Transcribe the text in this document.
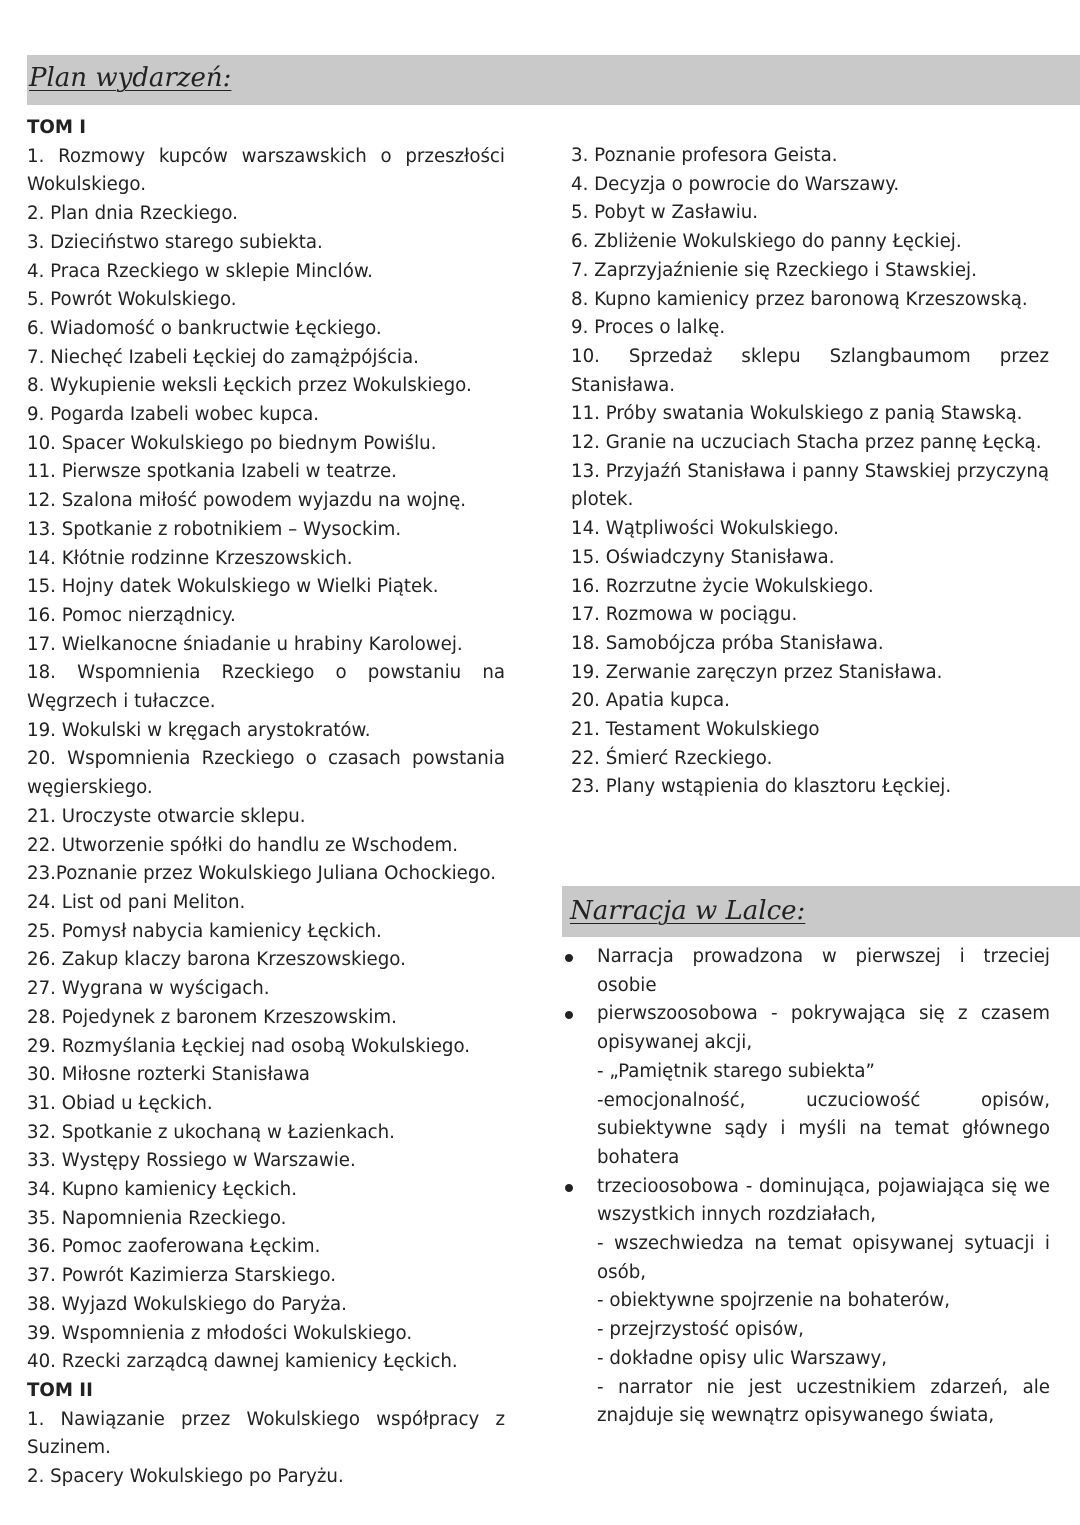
Plan wydarzeń:
TOM I
1. Rozmowy kupców warszawskich o przeszłości Wokulskiego.
2. Plan dnia Rzeckiego.
3. Dzieciństwo starego subiekta.
4. Praca Rzeckiego w sklepie Minclów.
5. Powrót Wokulskiego.
6. Wiadomość o bankructwie Łęckiego.
7. Niechęć Izabeli Łęckiej do zamążpójścia.
8. Wykupienie weksli Łęckich przez Wokulskiego.
9. Pogarda Izabeli wobec kupca.
10. Spacer Wokulskiego po biednym Powiślu.
11. Pierwsze spotkania Izabeli w teatrze.
12. Szalona miłość powodem wyjazdu na wojnę.
13. Spotkanie z robotnikiem – Wysockim.
14. Kłótnie rodzinne Krzeszowskich.
15. Hojny datek Wokulskiego w Wielki Piątek.
16. Pomoc nierządnicy.
17. Wielkanocne śniadanie u hrabiny Karolowej.
18. Wspomnienia Rzeckiego o powstaniu na Węgrzech i tułaczce.
19. Wokulski w kręgach arystokratów.
20. Wspomnienia Rzeckiego o czasach powstania węgierskiego.
21. Uroczyste otwarcie sklepu.
22. Utworzenie spółki do handlu ze Wschodem.
23.Poznanie przez Wokulskiego Juliana Ochockiego.
24. List od pani Meliton.
25. Pomysł nabycia kamienicy Łęckich.
26. Zakup klaczy barona Krzeszowskiego.
27. Wygrana w wyścigach.
28. Pojedynek z baronem Krzeszowskim.
29. Rozmyślania Łęckiej nad osobą Wokulskiego.
30. Miłosne rozterki Stanisława
31. Obiad u Łęckich.
32. Spotkanie z ukochaną w Łazienkach.
33. Występy Rossiego w Warszawie.
34. Kupno kamienicy Łęckich.
35. Napomnienia Rzeckiego.
36. Pomoc zaoferowana Łęckim.
37. Powrót Kazimierza Starskiego.
38. Wyjazd Wokulskiego do Paryża.
39. Wspomnienia z młodości Wokulskiego.
40. Rzecki zarządcą dawnej kamienicy Łęckich.
TOM II
1. Nawiązanie przez Wokulskiego współpracy z Suzinem.
2. Spacery Wokulskiego po Paryżu.
3. Poznanie profesora Geista.
4. Decyzja o powrocie do Warszawy.
5. Pobyt w Zasławiu.
6. Zbliżenie Wokulskiego do panny Łęckiej.
7. Zaprzyjaźnienie się Rzeckiego i Stawskiej.
8. Kupno kamienicy przez baronową Krzeszowską.
9. Proces o lalkę.
10. Sprzedaż sklepu Szlangbaumom przez Stanisława.
11. Próby swatania Wokulskiego z panią Stawską.
12. Granie na uczuciach Stacha przez pannę Łęcką.
13. Przyjaźń Stanisława i panny Stawskiej przyczyną plotek.
14. Wątpliwości Wokulskiego.
15. Oświadczyny Stanisława.
16. Rozrzutne życie Wokulskiego.
17. Rozmowa w pociągu.
18. Samobójcza próba Stanisława.
19. Zerwanie zaręczyn przez Stanisława.
20. Apatia kupca.
21. Testament Wokulskiego
22. Śmierć Rzeckiego.
23. Plany wstąpienia do klasztoru Łęckiej.
Narracja w Lalce:
Narracja prowadzona w pierwszej i trzeciej osobie
pierwszoosobowa - pokrywająca się z czasem opisywanej akcji,
- „Pamiętnik starego subiekta”
-emocjonalność, uczuciowość opisów, subiektywne sądy i myśli na temat głównego bohatera
trzecioosobowa - dominująca, pojawiająca się we wszystkich innych rozdziałach,
- wszechwiedza na temat opisywanej sytuacji i osób,
- obiektywne spojrzenie na bohaterów,
- przejrzystość opisów,
- dokładne opisy ulic Warszawy,
- narrator nie jest uczestnikiem zdarzeń, ale znajduje się wewnątrz opisywanego świata,
